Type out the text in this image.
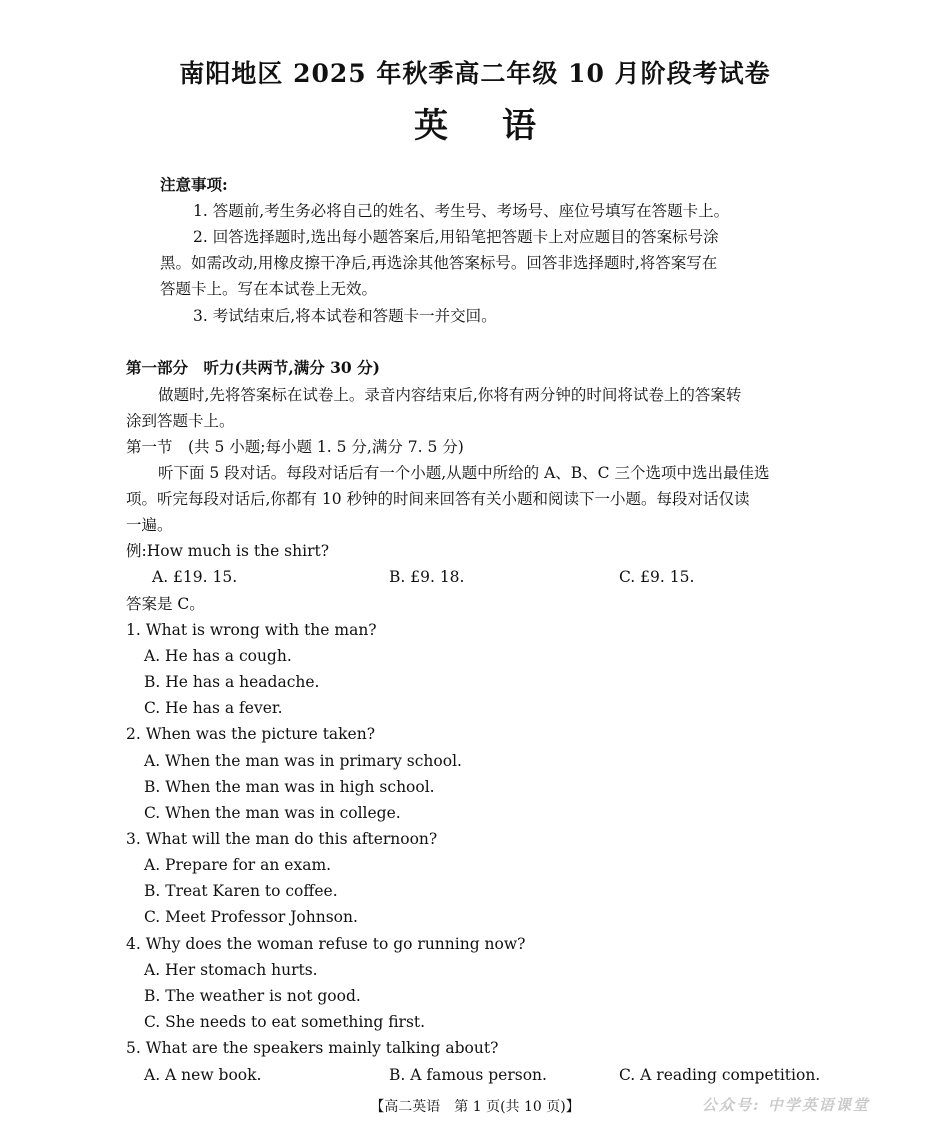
南阳地区 2025 年秋季高二年级 10 月阶段考试卷
英语
注意事项:
1. 答题前,考生务必将自己的姓名、考生号、考场号、座位号填写在答题卡上。
2. 回答选择题时,选出每小题答案后,用铅笔把答题卡上对应题目的答案标号涂
黑。如需改动,用橡皮擦干净后,再选涂其他答案标号。回答非选择题时,将答案写在
答题卡上。写在本试卷上无效。
3. 考试结束后,将本试卷和答题卡一并交回。
第一部分　听力(共两节,满分 30 分)
做题时,先将答案标在试卷上。录音内容结束后,你将有两分钟的时间将试卷上的答案转
涂到答题卡上。
第一节　(共 5 小题;每小题 1. 5 分,满分 7. 5 分)
听下面 5 段对话。每段对话后有一个小题,从题中所给的 A、B、C 三个选项中选出最佳选
项。听完每段对话后,你都有 10 秒钟的时间来回答有关小题和阅读下一小题。每段对话仅读
一遍。
例:How much is the shirt?
A. £19. 15.	B. £9. 18.	C. £9. 15.
答案是 C。
1. What is wrong with the man?
A. He has a cough.
B. He has a headache.
C. He has a fever.
2. When was the picture taken?
A. When the man was in primary school.
B. When the man was in high school.
C. When the man was in college.
3. What will the man do this afternoon?
A. Prepare for an exam.
B. Treat Karen to coffee.
C. Meet Professor Johnson.
4. Why does the woman refuse to go running now?
A. Her stomach hurts.
B. The weather is not good.
C. She needs to eat something first.
5. What are the speakers mainly talking about?
A. A new book.	B. A famous person.	C. A reading competition.
【高二英语　第 1 页(共 10 页)】	公众号: 中学英语课堂
